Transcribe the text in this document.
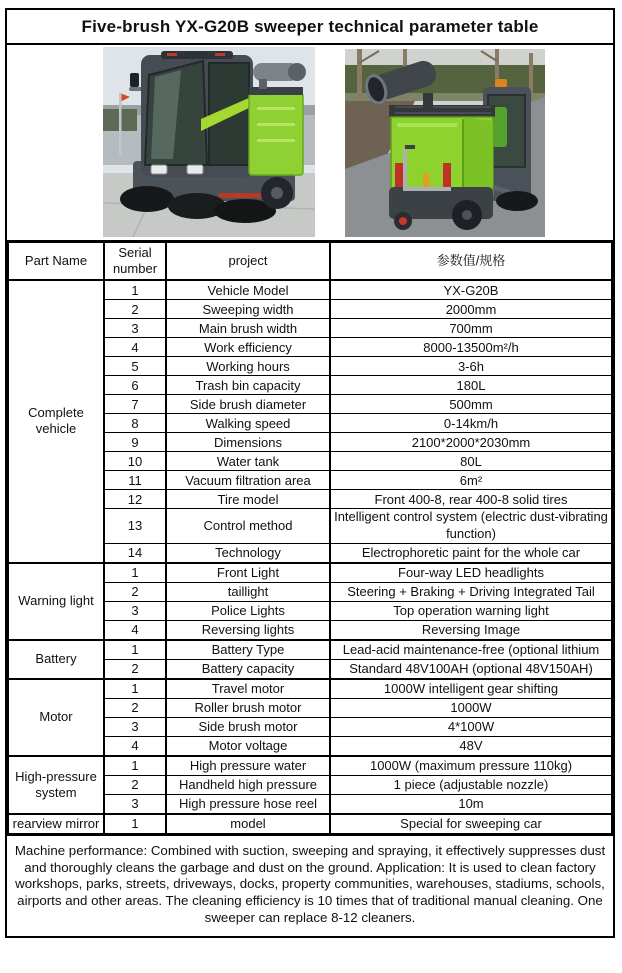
Five-brush YX-G20B sweeper technical parameter table
Part Name	Serial number	project	参数值/规格
Complete vehicle	1	Vehicle Model	YX-G20B
	2	Sweeping width	2000mm
	3	Main brush width	700mm
	4	Work efficiency	8000-13500m²/h
	5	Working hours	3-6h
	6	Trash bin capacity	180L
	7	Side brush diameter	500mm
	8	Walking speed	0-14km/h
	9	Dimensions	2100*2000*2030mm
	10	Water tank	80L
	11	Vacuum filtration area	6m²
	12	Tire model	Front 400-8, rear 400-8 solid tires
	13	Control method	Intelligent control system (electric dust-vibrating function)
	14	Technology	Electrophoretic paint for the whole car
Warning light	1	Front Light	Four-way LED headlights
	2	taillight	Steering + Braking + Driving Integrated Tail
	3	Police Lights	Top operation warning light
	4	Reversing lights	Reversing Image
Battery	1	Battery Type	Lead-acid maintenance-free (optional lithium
	2	Battery capacity	Standard 48V100AH (optional 48V150AH)
Motor	1	Travel motor	1000W intelligent gear shifting
	2	Roller brush motor	1000W
	3	Side brush motor	4*100W
	4	Motor voltage	48V
High-pressure system	1	High pressure water	1000W (maximum pressure 110kg)
	2	Handheld high pressure	1 piece (adjustable nozzle)
	3	High pressure hose reel	10m
rearview mirror	1	model	Special for sweeping car
Machine performance: Combined with suction, sweeping and spraying, it effectively suppresses dust and thoroughly cleans the garbage and dust on the ground. Application: It is used to clean factory workshops, parks, streets, driveways, docks, property communities, warehouses, stadiums, schools, airports and other areas. The cleaning efficiency is 10 times that of traditional manual cleaning. One sweeper can replace 8-12 cleaners.
